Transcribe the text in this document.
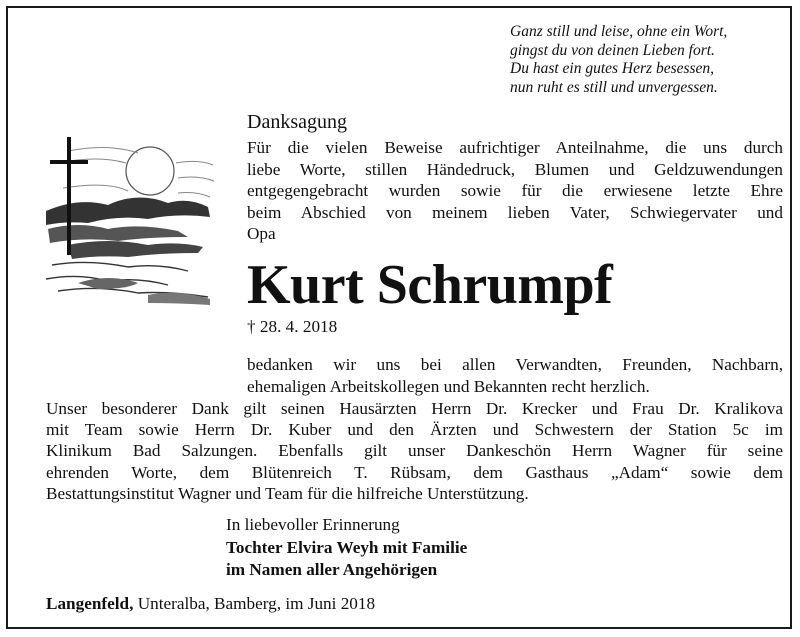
Ganz still und leise, ohne ein Wort,
gingst du von deinen Lieben fort.
Du hast ein gutes Herz besessen,
nun ruht es still und unvergessen.
Danksagung
Für die vielen Beweise aufrichtiger Anteilnahme, die uns durch
liebe Worte, stillen Händedruck, Blumen und Geldzuwendungen
entgegengebracht wurden sowie für die erwiesene letzte Ehre
beim Abschied von meinem lieben Vater, Schwiegervater und
Opa
Kurt Schrumpf
† 28. 4. 2018
bedanken wir uns bei allen Verwandten, Freunden, Nachbarn,
ehemaligen Arbeitskollegen und Bekannten recht herzlich.
Unser besonderer Dank gilt seinen Hausärzten Herrn Dr. Krecker und Frau Dr. Kralikova
mit Team sowie Herrn Dr. Kuber und den Ärzten und Schwestern der Station 5c im
Klinikum Bad Salzungen. Ebenfalls gilt unser Dankeschön Herrn Wagner für seine
ehrenden Worte, dem Blütenreich T. Rübsam, dem Gasthaus „Adam“ sowie dem
Bestattungsinstitut Wagner und Team für die hilfreiche Unterstützung.
In liebevoller Erinnerung
Tochter Elvira Weyh mit Familie
im Namen aller Angehörigen
Langenfeld, Unteralba, Bamberg, im Juni 2018
